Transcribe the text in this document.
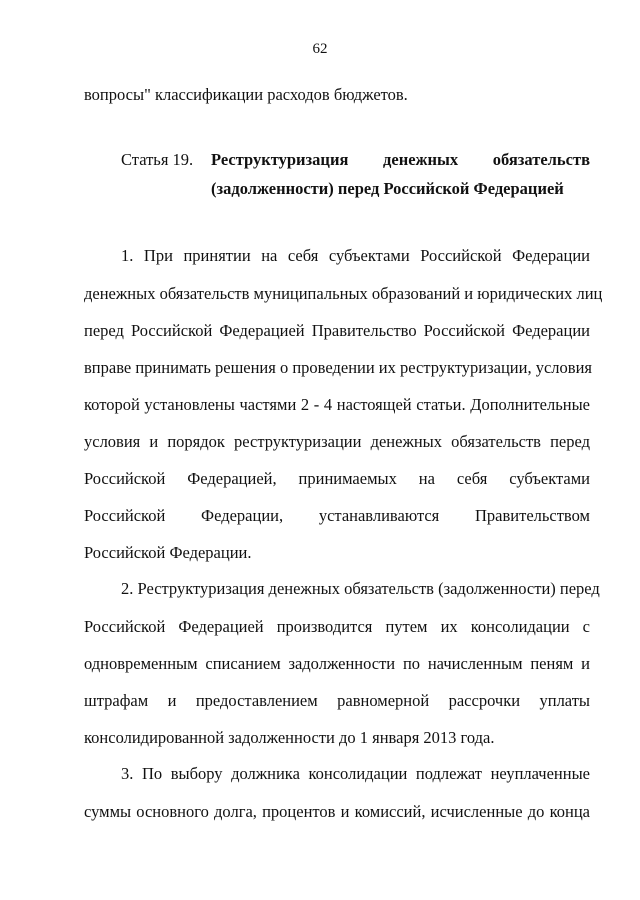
62
вопросы" классификации расходов бюджетов.
Статья 19. Реструктуризация денежных обязательств
(задолженности) перед Российской Федерацией
1. При принятии на себя субъектами Российской Федерации
денежных обязательств муниципальных образований и юридических лиц
перед Российской Федерацией Правительство Российской Федерации
вправе принимать решения о проведении их реструктуризации, условия
которой установлены частями 2 - 4 настоящей статьи. Дополнительные
условия и порядок реструктуризации денежных обязательств перед
Российской Федерацией, принимаемых на себя субъектами
Российской Федерации, устанавливаются Правительством
Российской Федерации.
2. Реструктуризация денежных обязательств (задолженности) перед
Российской Федерацией производится путем их консолидации с
одновременным списанием задолженности по начисленным пеням и
штрафам и предоставлением равномерной рассрочки уплаты
консолидированной задолженности до 1 января 2013 года.
3. По выбору должника консолидации подлежат неуплаченные
суммы основного долга, процентов и комиссий, исчисленные до конца
